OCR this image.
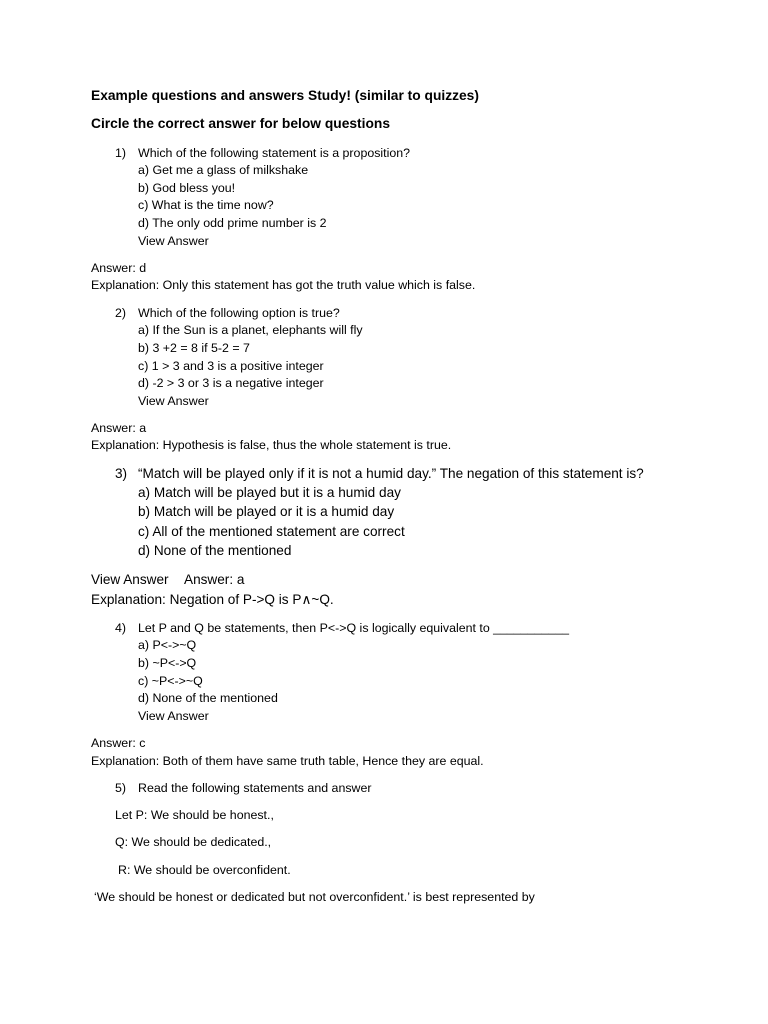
Example questions and answers Study! (similar to quizzes)

Circle the correct answer for below questions

1) Which of the following statement is a proposition?

a) Get me a glass of milkshake

b) God bless you!

c) What is the time now?

d) The only odd prime number is 2

View Answer

Answer: d

Explanation: Only this statement has got the truth value which is false.

2) Which of the following option is true?

a) If the Sun is a planet, elephants will fly

b) 3 +2 = 8 if 5-2 = 7

c) 1 > 3 and 3 is a positive integer

d) -2 > 3 or 3 is a negative integer

View Answer

Answer: a

Explanation: Hypothesis is false, thus the whole statement is true.

3) “Match will be played only if it is not a humid day.” The negation of this statement is?

a) Match will be played but it is a humid day

b) Match will be played or it is a humid day

c) All of the mentioned statement are correct

d) None of the mentioned

View Answer Answer: a

Explanation: Negation of P->Q is P∧~Q.

4) Let P and Q be statements, then P<->Q is logically equivalent to ___________

a) P<->~Q

b) ~P<->Q

c) ~P<->~Q

d) None of the mentioned

View Answer

Answer: c

Explanation: Both of them have same truth table, Hence they are equal.

5) Read the following statements and answer

Let P: We should be honest.,

Q: We should be dedicated.,

R: We should be overconfident.

‘We should be honest or dedicated but not overconfident.’ is best represented by
